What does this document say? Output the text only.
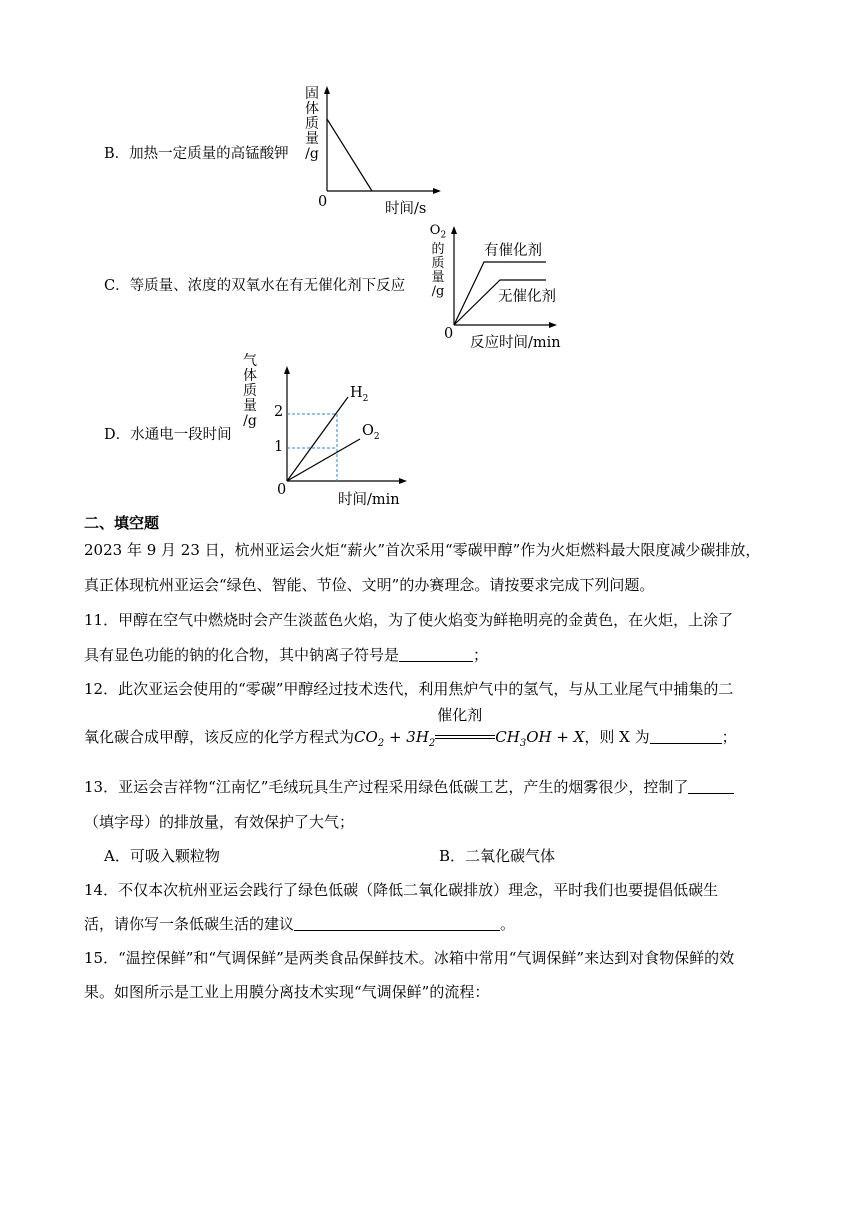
B．加热一定质量的高锰酸钾
固
体
质
量
/g
0	时间/s
C．等质量、浓度的双氧水在有无催化剂下反应
$O_2$
的
质
量
/g
有催化剂
无催化剂
0
反应时间/min
D．水通电一段时间
气
体
质
量
/g
2
1
$H_2$
$O_2$
0
时间/min
二、填空题
2023 年 9 月 23 日，杭州亚运会火炬“薪火”首次采用“零碳甲醇”作为火炬燃料最大限度减少碳排放，
真正体现杭州亚运会“绿色、智能、节俭、文明”的办赛理念。请按要求完成下列问题。
11．甲醇在空气中燃烧时会产生淡蓝色火焰，为了使火焰变为鲜艳明亮的金黄色，在火炬，上涂了
具有显色功能的钠的化合物，其中钠离子符号是	；
12．此次亚运会使用的“零碳”甲醇经过技术迭代，利用焦炉气中的氢气，与从工业尾气中捕集的二
氧化碳合成甲醇，该反应的化学方程式为$CO_2 + 3H_2$
催化剂
$CH_3OH + X$，则 X 为	；
13．亚运会吉祥物“江南忆”毛绒玩具生产过程采用绿色低碳工艺，产生的烟雾很少，控制了
（填字母）的排放量，有效保护了大气；
A．可吸入颗粒物	B．二氧化碳气体
14．不仅本次杭州亚运会践行了绿色低碳（降低二氧化碳排放）理念，平时我们也要提倡低碳生
活，请你写一条低碳生活的建议	。
15．“温控保鲜”和“气调保鲜”是两类食品保鲜技术。冰箱中常用“气调保鲜”来达到对食物保鲜的效
果。如图所示是工业上用膜分离技术实现“气调保鲜”的流程：
